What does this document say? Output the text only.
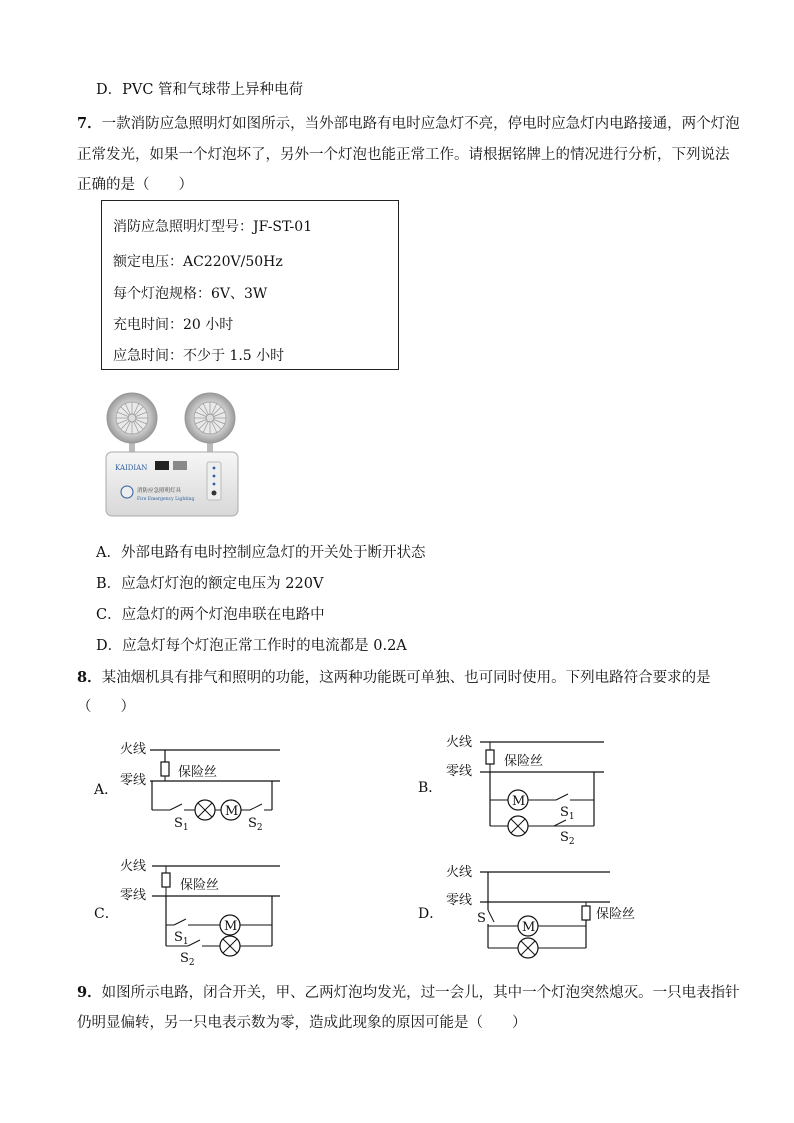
D．PVC 管和气球带上异种电荷
7．一款消防应急照明灯如图所示，当外部电路有电时应急灯不亮，停电时应急灯内电路接通，两个灯泡
正常发光，如果一个灯泡坏了，另外一个灯泡也能正常工作。请根据铭牌上的情况进行分析，下列说法
正确的是（　　）
消防应急照明灯型号：JF-ST-01
额定电压：AC220V/50Hz
每个灯泡规格：6V、3W
充电时间：20 小时
应急时间：不少于 1.5 小时
KAIDIAN
消防应急照明灯具
Fire Emergency Lighting
A．外部电路有电时控制应急灯的开关处于断开状态
B．应急灯灯泡的额定电压为 220V
C．应急灯的两个灯泡串联在电路中
D．应急灯每个灯泡正常工作时的电流都是 0.2A
8．某油烟机具有排气和照明的功能，这两种功能既可单独、也可同时使用。下列电路符合要求的是
（　　）
A．
火线
零线
保险丝
M
$S_1$	$S_2$
B．
火线
零线
保险丝
M
$S_1$
$S_2$
C．
火线
零线
保险丝
M
$S_1$
$S_2$
D．
火线
零线
S
M
保险丝
9．如图所示电路，闭合开关，甲、乙两灯泡均发光，过一会儿，其中一个灯泡突然熄灭。一只电表指针
仍明显偏转，另一只电表示数为零，造成此现象的原因可能是（　　）
